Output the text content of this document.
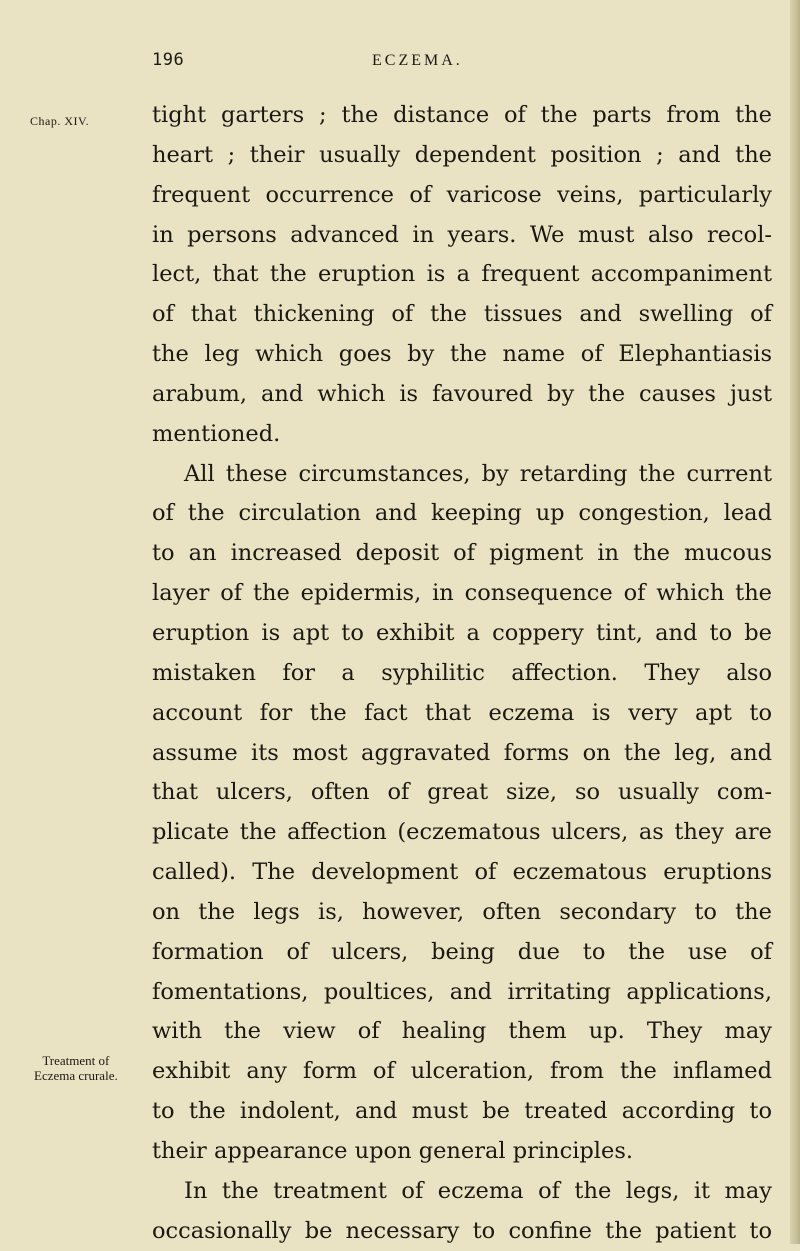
196	ECZEMA.
Chap. XIV.
Treatment of
Eczema crurale.
tight garters ; the distance of the parts from the
heart ; their usually dependent position ; and the
frequent occurrence of varicose veins, particularly
in persons advanced in years. We must also recol-
lect, that the eruption is a frequent accompaniment
of that thickening of the tissues and swelling of
the leg which goes by the name of Elephantiasis
arabum, and which is favoured by the causes just
mentioned.
All these circumstances, by retarding the current
of the circulation and keeping up congestion, lead
to an increased deposit of pigment in the mucous
layer of the epidermis, in consequence of which the
eruption is apt to exhibit a coppery tint, and to be
mistaken for a syphilitic affection. They also
account for the fact that eczema is very apt to
assume its most aggravated forms on the leg, and
that ulcers, often of great size, so usually com-
plicate the affection (eczematous ulcers, as they are
called). The development of eczematous eruptions
on the legs is, however, often secondary to the
formation of ulcers, being due to the use of
fomentations, poultices, and irritating applications,
with the view of healing them up. They may
exhibit any form of ulceration, from the inflamed
to the indolent, and must be treated according to
their appearance upon general principles.
In the treatment of eczema of the legs, it may
occasionally be necessary to confine the patient to
